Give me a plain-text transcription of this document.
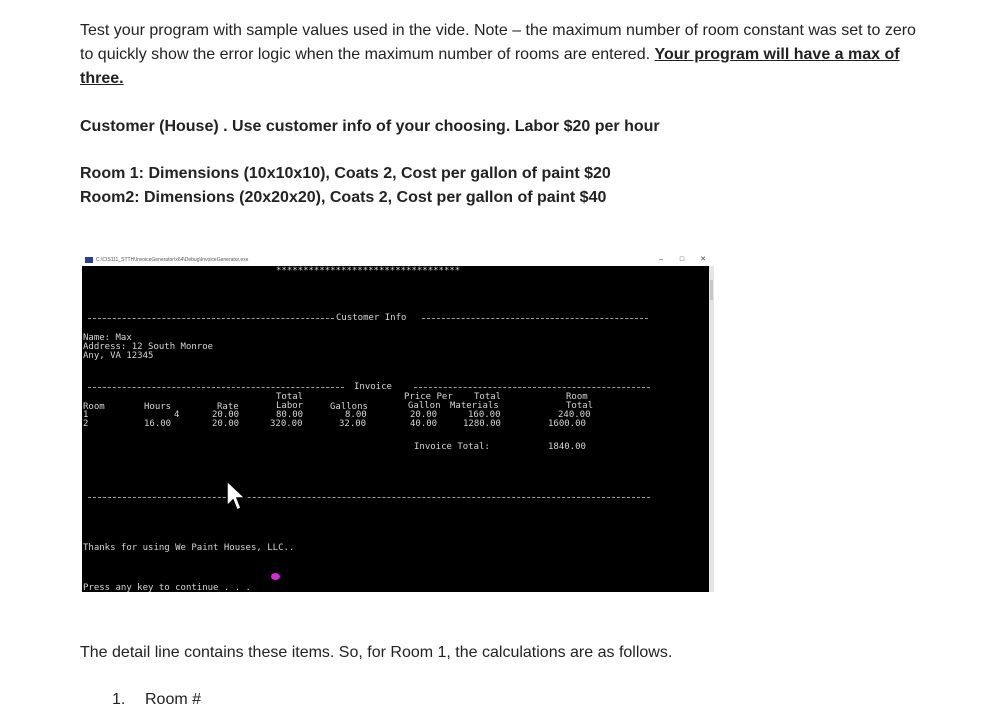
Test your program with sample values used in the vide. Note – the maximum number of room constant was set to zero to quickly show the error logic when the maximum number of rooms are entered. Your program will have a max of three.

Customer (House) . Use customer info of your choosing. Labor $20 per hour

Room 1: Dimensions (10x10x10), Coats 2, Cost per gallon of paint $20

Room2: Dimensions (20x20x20), Coats 2, Cost per gallon of paint $40

C:\CIS111_STTH\InvoiceGenerator\x64\Debug\InvoiceGenerator.exe	–	□	✕
**********************************
Customer Info
Name: Max
Address: 12 South Monroe
Any, VA 12345
Invoice
Total	Price Per Total	Room
Room	Hours	Rate	Labor	Gallons	Gallon Materials	Total
1	4	20.00	80.00	8.00	20.00	160.00	240.00
2	16.00	20.00	320.00	32.00	40.00	1280.00	1600.00
Invoice Total:	1840.00
Thanks for using We Paint Houses, LLC..
Press any key to continue . . .

The detail line contains these items. So, for Room 1, the calculations are as follows.

1. Room #
